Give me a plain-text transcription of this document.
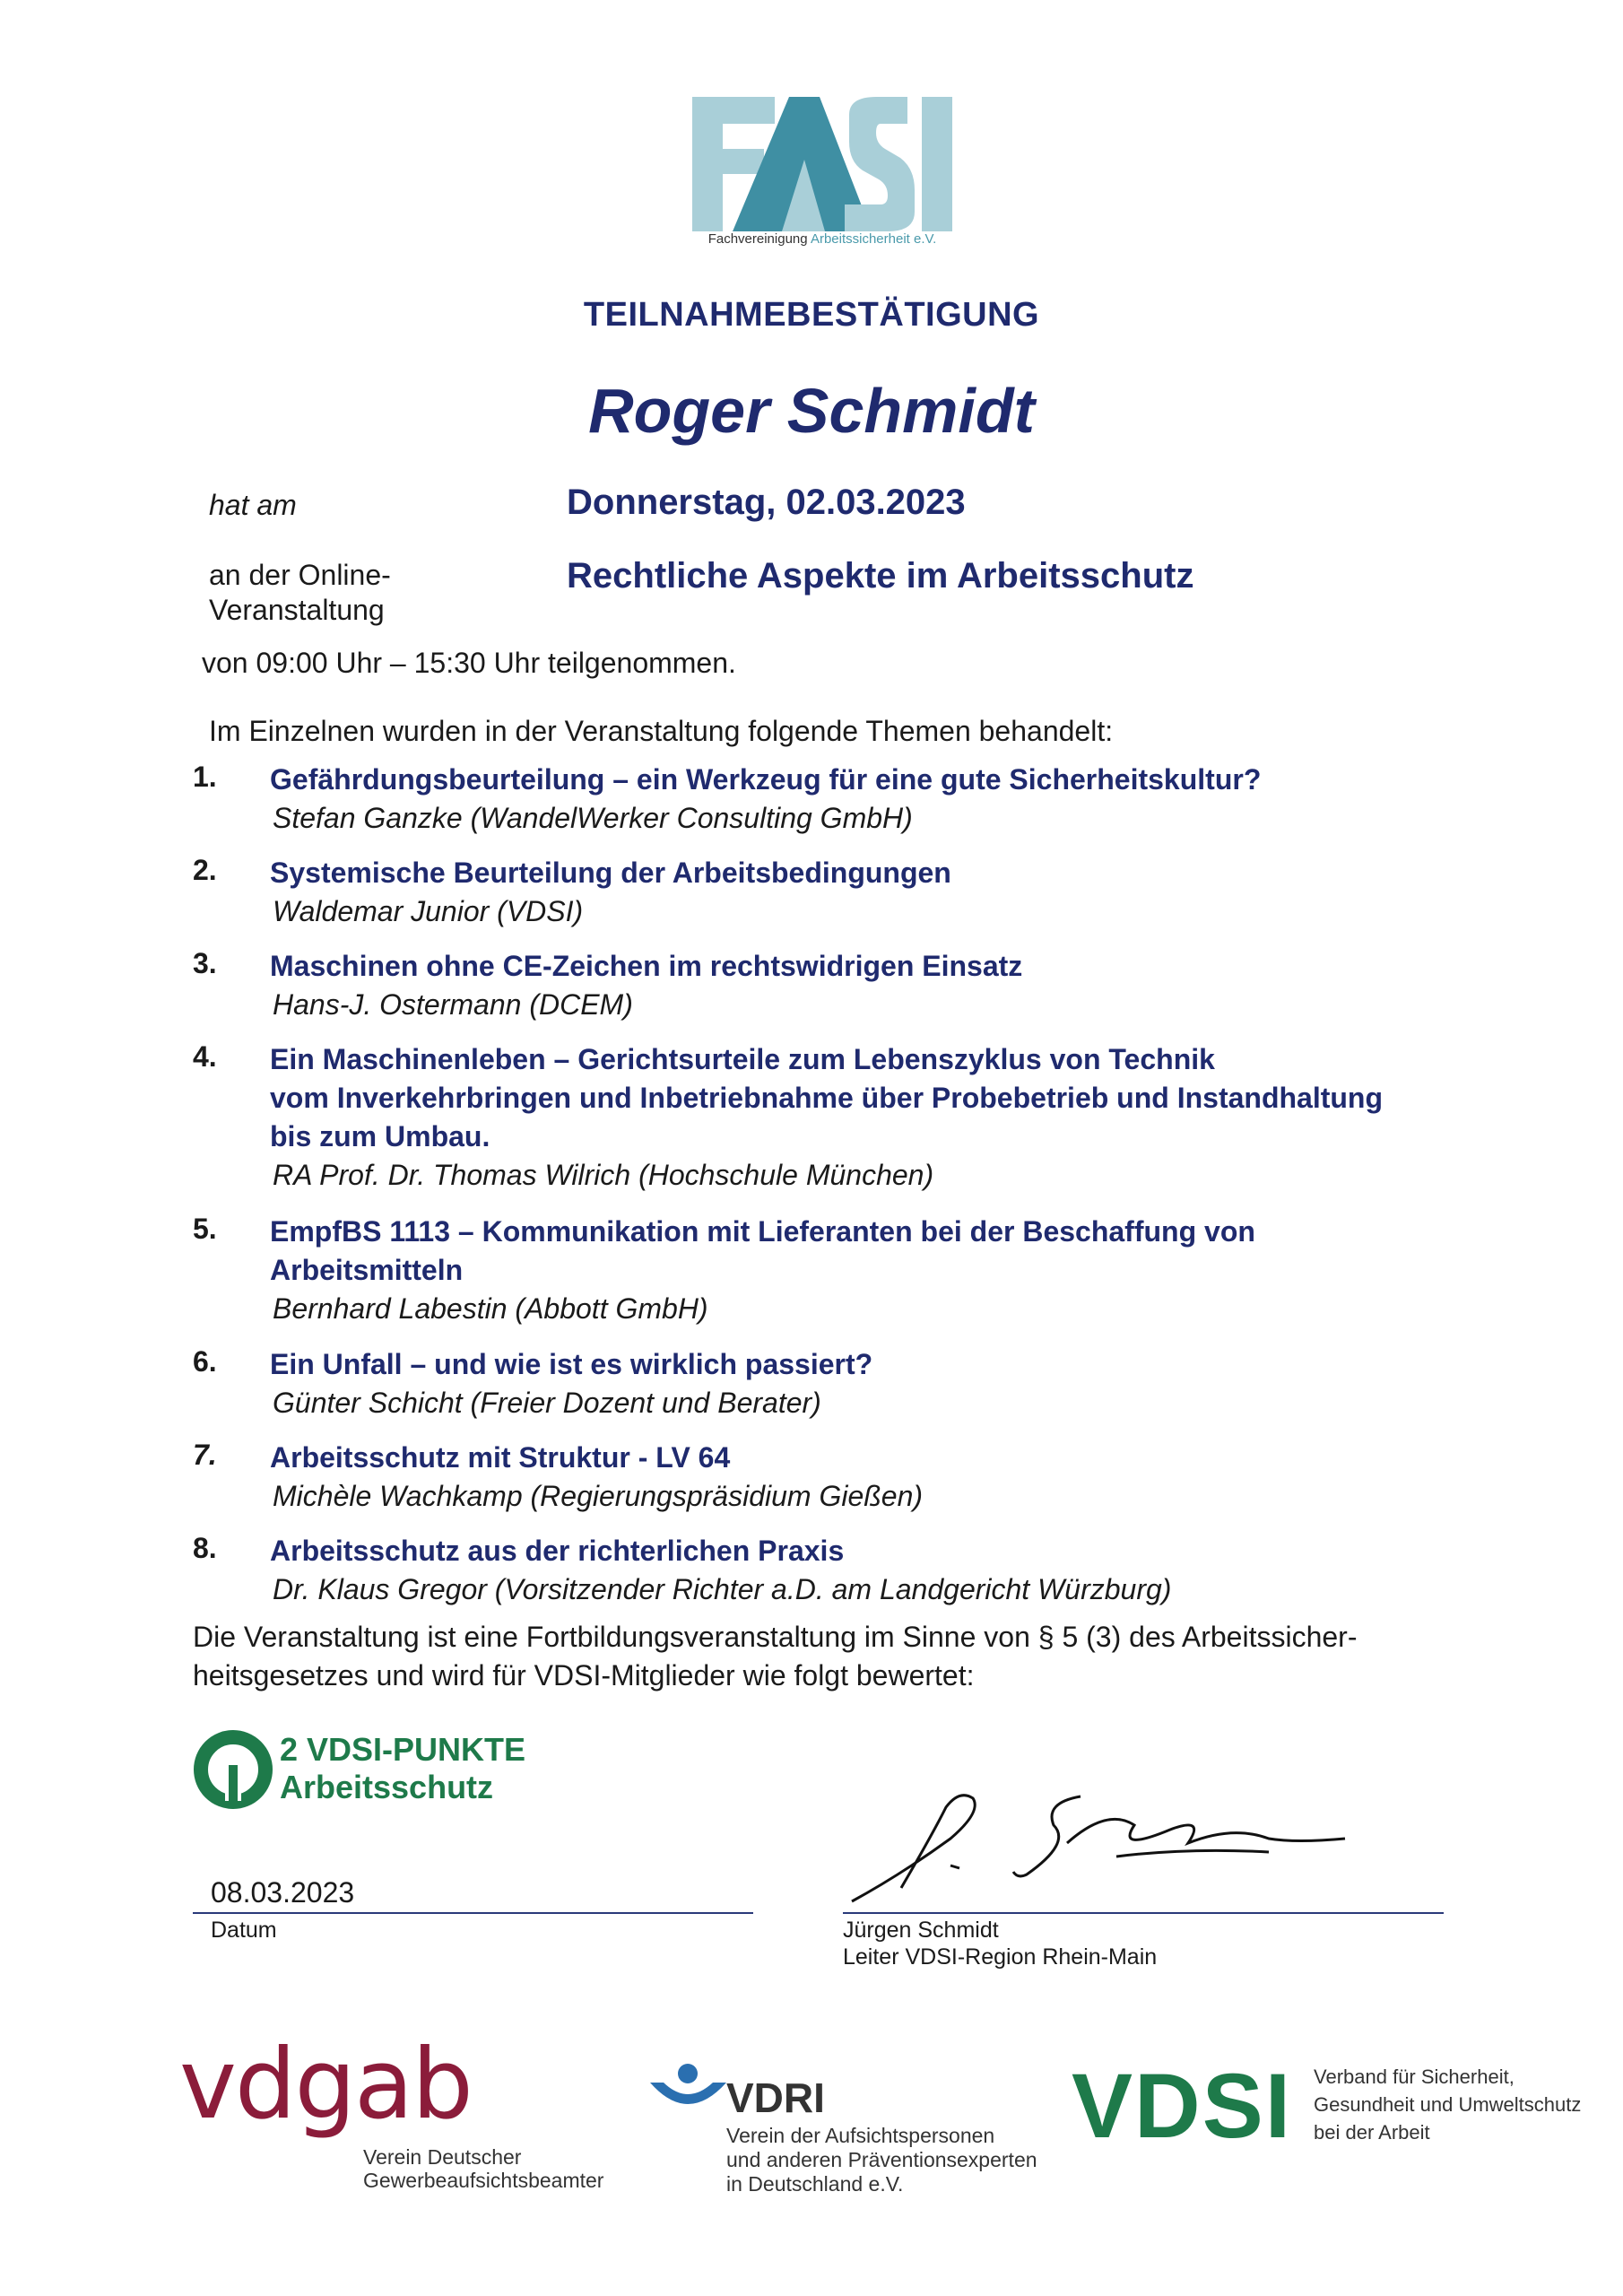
Fachvereinigung Arbeitssicherheit e.V.
TEILNAHMEBESTÄTIGUNG
Roger Schmidt
hat am	Donnerstag, 02.03.2023
an der Online-
Veranstaltung
Rechtliche Aspekte im Arbeitsschutz
von 09:00 Uhr – 15:30 Uhr teilgenommen.
Im Einzelnen wurden in der Veranstaltung folgende Themen behandelt:
1. Gefährdungsbeurteilung – ein Werkzeug für eine gute Sicherheitskultur?
Stefan Ganzke (WandelWerker Consulting GmbH)
2. Systemische Beurteilung der Arbeitsbedingungen
Waldemar Junior (VDSI)
3. Maschinen ohne CE-Zeichen im rechtswidrigen Einsatz
Hans-J. Ostermann (DCEM)
4. Ein Maschinenleben – Gerichtsurteile zum Lebenszyklus von Technik
vom Inverkehrbringen und Inbetriebnahme über Probebetrieb und Instandhaltung
bis zum Umbau.
RA Prof. Dr. Thomas Wilrich (Hochschule München)
5. EmpfBS 1113 – Kommunikation mit Lieferanten bei der Beschaffung von
Arbeitsmitteln
Bernhard Labestin (Abbott GmbH)
6. Ein Unfall – und wie ist es wirklich passiert?
Günter Schicht (Freier Dozent und Berater)
7. Arbeitsschutz mit Struktur - LV 64
Michèle Wachkamp (Regierungspräsidium Gießen)
8. Arbeitsschutz aus der richterlichen Praxis
Dr. Klaus Gregor (Vorsitzender Richter a.D. am Landgericht Würzburg)
Die Veranstaltung ist eine Fortbildungsveranstaltung im Sinne von § 5 (3) des Arbeitssicher-
heitsgesetzes und wird für VDSI-Mitglieder wie folgt bewertet:
2 VDSI-PUNKTE
Arbeitsschutz
08.03.2023
Datum	Jürgen Schmidt
Leiter VDSI-Region Rhein-Main
vdgab
Verein Deutscher
Gewerbeaufsichtsbeamter
VDRI
Verein der Aufsichtspersonen
und anderen Präventionsexperten
in Deutschland e.V.
VDSI Verband für Sicherheit,
Gesundheit und Umweltschutz
bei der Arbeit
